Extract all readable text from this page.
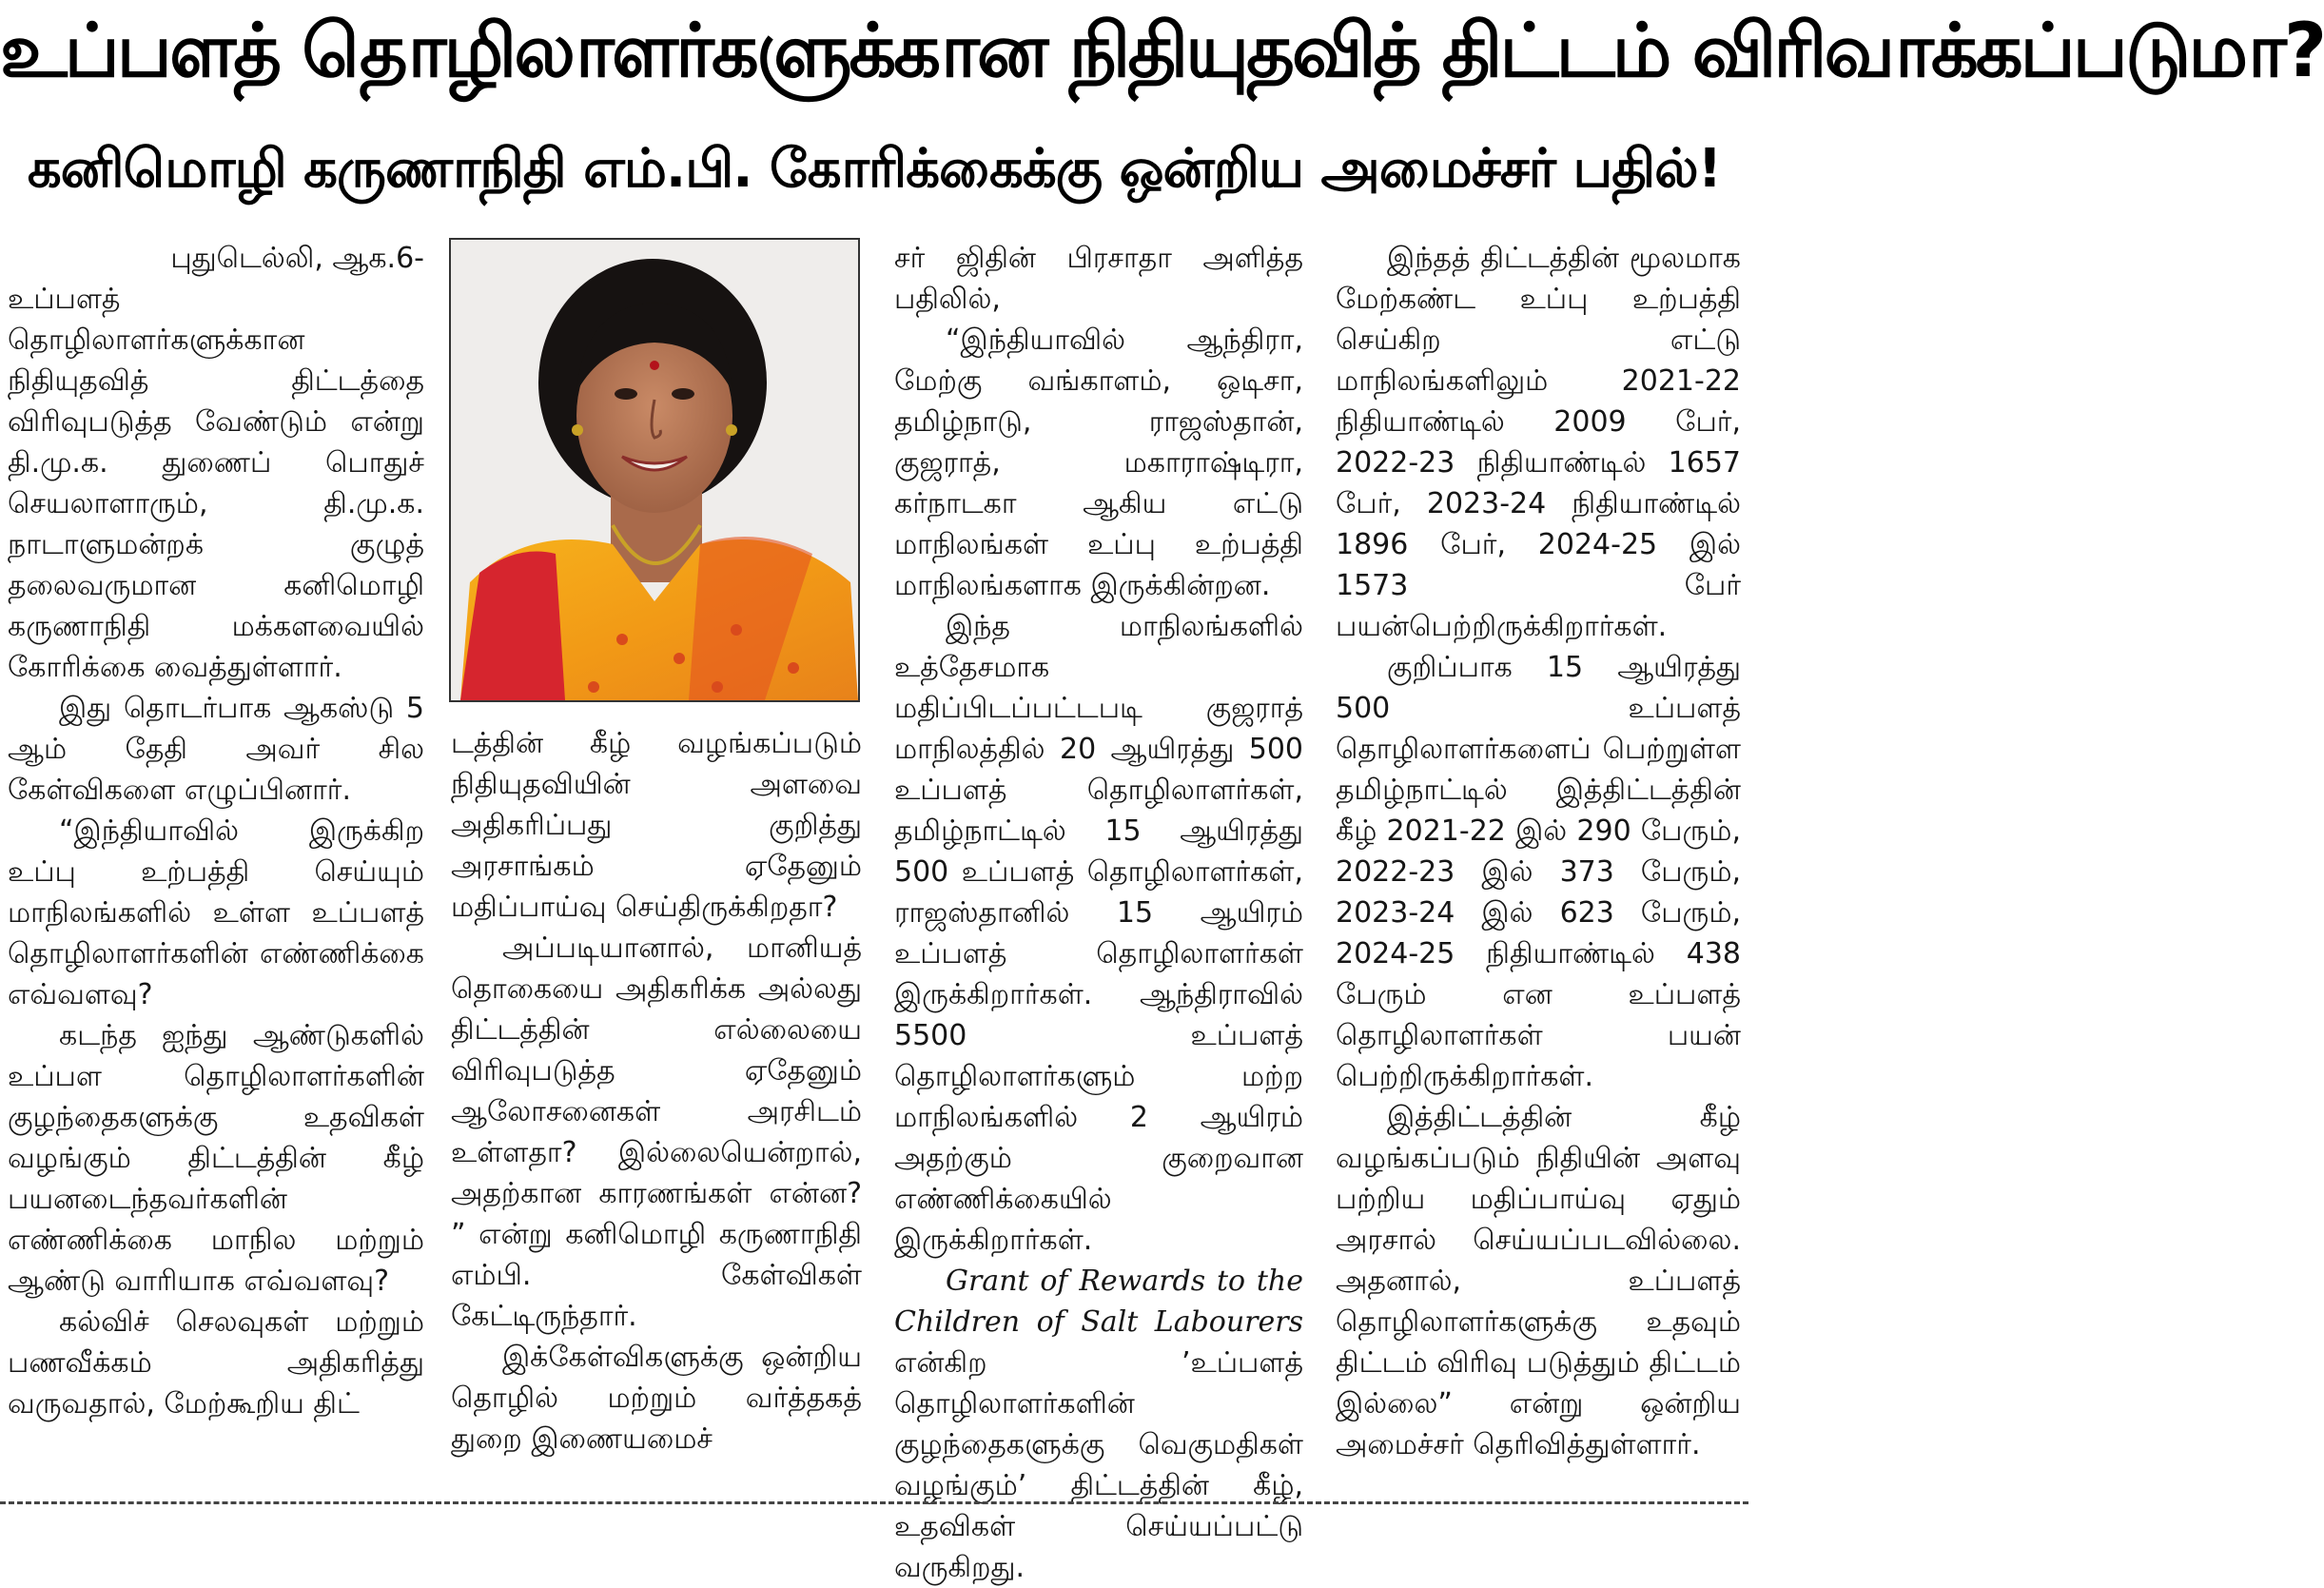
உப்பளத் தொழிலாளர்களுக்கான நிதியுதவித் திட்டம் விரிவாக்கப்படுமா?
கனிமொழி கருணாநிதி எம்.பி. கோரிக்கைக்கு ஒன்றிய அமைச்சர் பதில்!

புதுடெல்லி, ஆக.6-

உப்பளத் தொழிலாளர்களுக்கான நிதியுதவித் திட்டத்தை விரிவுபடுத்த வேண்டும் என்று தி.மு.க. துணைப் பொதுச் செயலாளாரும், தி.மு.க. நாடாளுமன்றக் குழுத் தலைவருமான கனிமொழி கருணாநிதி மக்களவையில் கோரிக்கை வைத்துள்ளார்.

இது தொடர்பாக ஆகஸ்டு 5 ஆம் தேதி அவர் சில கேள்விகளை எழுப்பினார்.

“இந்தியாவில் இருக்கிற உப்பு உற்பத்தி செய்யும் மாநிலங்களில் உள்ள உப்பளத் தொழிலாளர்களின் எண்ணிக்கை எவ்வளவு?

கடந்த ஐந்து ஆண்டுகளில் உப்பள தொழிலாளர்களின் குழந்தைகளுக்கு உதவிகள் வழங்கும் திட்டத்தின் கீழ் பயனடைந்தவர்களின் எண்ணிக்கை மாநில மற்றும் ஆண்டு வாரியாக எவ்வளவு?

கல்விச் செலவுகள் மற்றும் பணவீக்கம் அதிகரித்து வருவதால், மேற்கூறிய திட்

டத்தின் கீழ் வழங்கப்படும் நிதியுதவியின் அளவை அதிகரிப்பது குறித்து அரசாங்கம் ஏதேனும் மதிப்பாய்வு செய்திருக்கிறதா?

அப்படியானால், மானியத் தொகையை அதிகரிக்க அல்லது திட்டத்தின் எல்லையை விரிவுபடுத்த ஏதேனும் ஆலோசனைகள் அரசிடம் உள்ளதா? இல்லையென்றால், அதற்கான காரணங்கள் என்ன? ” என்று கனிமொழி கருணாநிதி எம்பி. கேள்விகள் கேட்டிருந்தார்.

இக்கேள்விகளுக்கு ஒன்றிய தொழில் மற்றும் வர்த்தகத் துறை இணையமைச்

சர் ஜிதின் பிரசாதா அளித்த பதிலில்,

“இந்தியாவில் ஆந்திரா, மேற்கு வங்காளம், ஒடிசா, தமிழ்நாடு, ராஜஸ்தான், குஜராத், மகாராஷ்டிரா, கர்நாடகா ஆகிய எட்டு மாநிலங்கள் உப்பு உற்பத்தி மாநிலங்களாக இருக்கின்றன.

இந்த மாநிலங்களில் உத்தேசமாக மதிப்பிடப்பட்டபடி குஜராத் மாநிலத்தில் 20 ஆயிரத்து 500 உப்பளத் தொழிலாளர்கள், தமிழ்நாட்டில் 15 ஆயிரத்து 500 உப்பளத் தொழிலாளர்கள், ராஜஸ்தானில் 15 ஆயிரம் உப்பளத் தொழிலாளர்கள் இருக்கிறார்கள். ஆந்திராவில் 5500 உப்பளத் தொழிலாளர்களும் மற்ற மாநிலங்களில் 2 ஆயிரம் அதற்கும் குறைவான எண்ணிக்கையில் இருக்கிறார்கள்.

Grant of Rewards to the Children of Salt Labourers என்கிற ’உப்பளத் தொழிலாளர்களின் குழந்தைகளுக்கு வெகுமதிகள் வழங்கும்’ திட்டத்தின் கீழ், உதவிகள் செய்யப்பட்டு வருகிறது.

இந்தத் திட்டத்தின் மூலமாக மேற்கண்ட உப்பு உற்பத்தி செய்கிற எட்டு மாநிலங்களிலும் 2021-22 நிதியாண்டில் 2009 பேர், 2022-23 நிதியாண்டில் 1657 பேர், 2023-24 நிதியாண்டில் 1896 பேர், 2024-25 இல் 1573 பேர் பயன்பெற்றிருக்கிறார்கள்.

குறிப்பாக 15 ஆயிரத்து 500 உப்பளத் தொழிலாளர்களைப் பெற்றுள்ள தமிழ்நாட்டில் இத்திட்டத்தின் கீழ் 2021-22 இல் 290 பேரும், 2022-23 இல் 373 பேரும், 2023-24 இல் 623 பேரும், 2024-25 நிதியாண்டில் 438 பேரும் என உப்பளத் தொழிலாளர்கள் பயன் பெற்றிருக்கிறார்கள்.

இத்திட்டத்தின் கீழ் வழங்கப்படும் நிதியின் அளவு பற்றிய மதிப்பாய்வு ஏதும் அரசால் செய்யப்படவில்லை. அதனால், உப்பளத் தொழிலாளர்களுக்கு உதவும் திட்டம் விரிவு படுத்தும் திட்டம் இல்லை” என்று ஒன்றிய அமைச்சர் தெரிவித்துள்ளார்.
